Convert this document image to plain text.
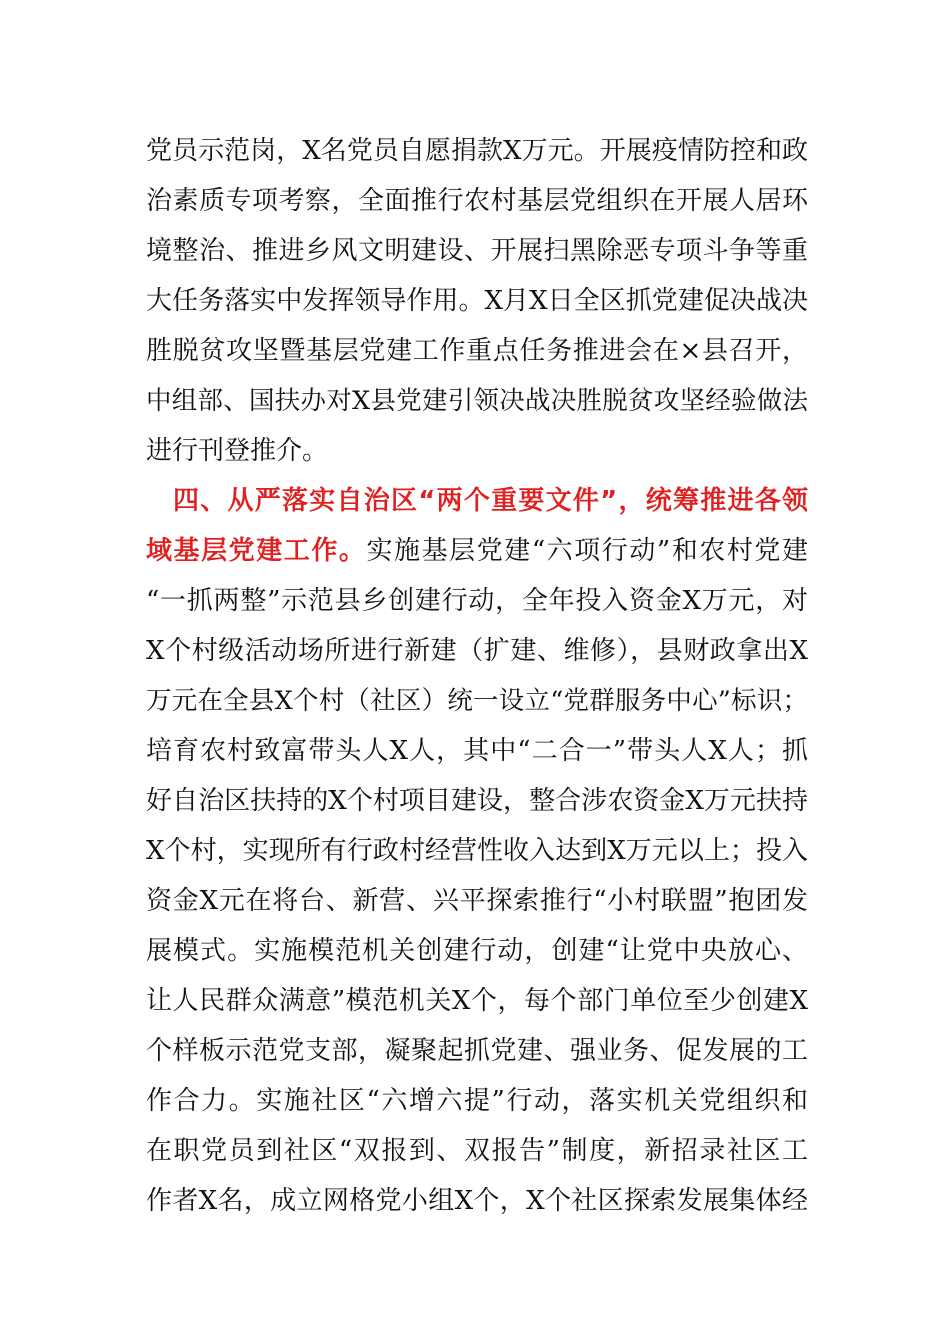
党员示范岗，X名党员自愿捐款X万元。开展疫情防控和政
治素质专项考察，全面推行农村基层党组织在开展人居环
境整治、推进乡风文明建设、开展扫黑除恶专项斗争等重
大任务落实中发挥领导作用。X月X日全区抓党建促决战决
胜脱贫攻坚暨基层党建工作重点任务推进会在×县召开，
中组部、国扶办对X县党建引领决战决胜脱贫攻坚经验做法
进行刊登推介。
四、从严落实自治区“两个重要文件”，统筹推进各领
域基层党建工作。实施基层党建“六项行动”和农村党建
“一抓两整”示范县乡创建行动，全年投入资金X万元，对
X个村级活动场所进行新建（扩建、维修），县财政拿出X
万元在全县X个村（社区）统一设立“党群服务中心”标识；
培育农村致富带头人X人，其中“二合一”带头人X人；抓
好自治区扶持的X个村项目建设，整合涉农资金X万元扶持
X个村，实现所有行政村经营性收入达到X万元以上；投入
资金X元在将台、新营、兴平探索推行“小村联盟”抱团发
展模式。实施模范机关创建行动，创建“让党中央放心、
让人民群众满意”模范机关X个，每个部门单位至少创建X
个样板示范党支部，凝聚起抓党建、强业务、促发展的工
作合力。实施社区“六增六提”行动，落实机关党组织和
在职党员到社区“双报到、双报告”制度，新招录社区工
作者X名，成立网格党小组X个，X个社区探索发展集体经
